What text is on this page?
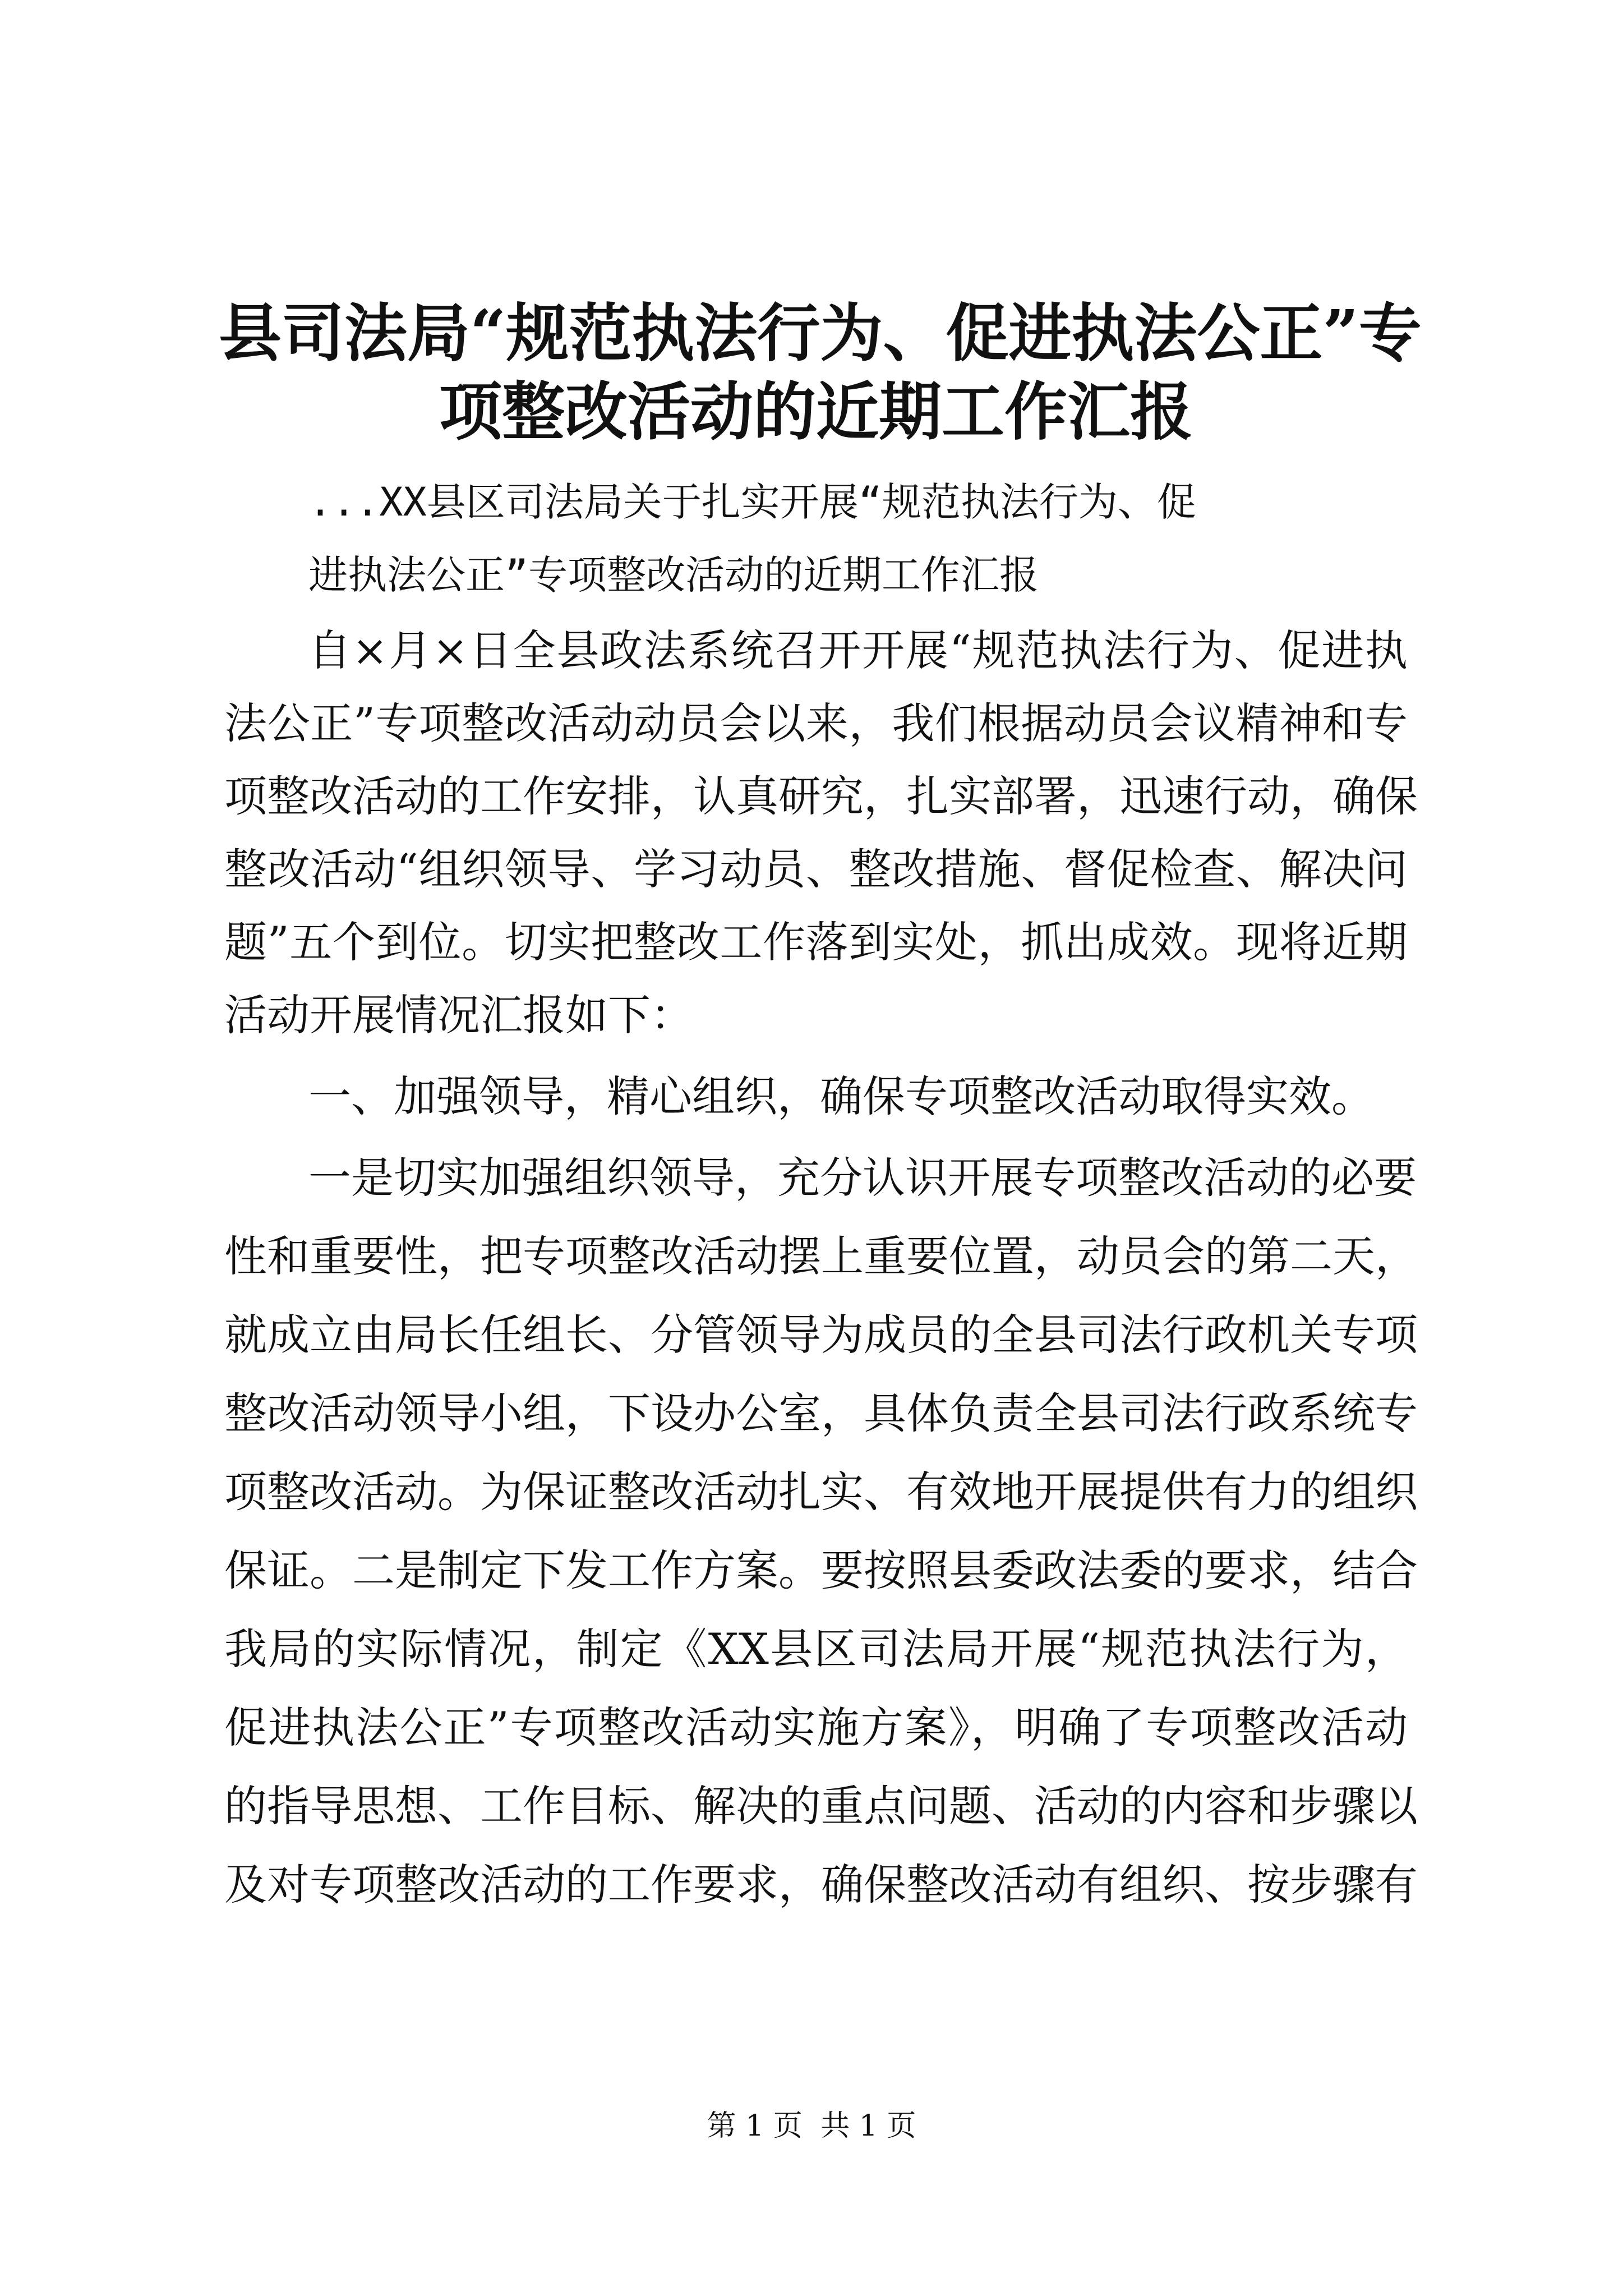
县司法局“规范执法行为、促进执法公正”专
项整改活动的近期工作汇报

...XX县区司法局关于扎实开展“规范执法行为、促

进执法公正”专项整改活动的近期工作汇报

自×月×日全县政法系统召开开展“规范执法行为、促进执

法公正”专项整改活动动员会以来，我们根据动员会议精神和专

项整改活动的工作安排，认真研究，扎实部署，迅速行动，确保

整改活动“组织领导、学习动员、整改措施、督促检查、解决问

题”五个到位。切实把整改工作落到实处，抓出成效。现将近期

活动开展情况汇报如下：

一、加强领导，精心组织，确保专项整改活动取得实效。

一是切实加强组织领导，充分认识开展专项整改活动的必要

性和重要性，把专项整改活动摆上重要位置，动员会的第二天，

就成立由局长任组长、分管领导为成员的全县司法行政机关专项

整改活动领导小组，下设办公室，具体负责全县司法行政系统专

项整改活动。为保证整改活动扎实、有效地开展提供有力的组织

保证。二是制定下发工作方案。要按照县委政法委的要求，结合

我局的实际情况，制定《XX县区司法局开展“规范执法行为，

促进执法公正”专项整改活动实施方案》，明确了专项整改活动

的指导思想、工作目标、解决的重点问题、活动的内容和步骤以

及对专项整改活动的工作要求，确保整改活动有组织、按步骤有

第 1 页 共 1 页
